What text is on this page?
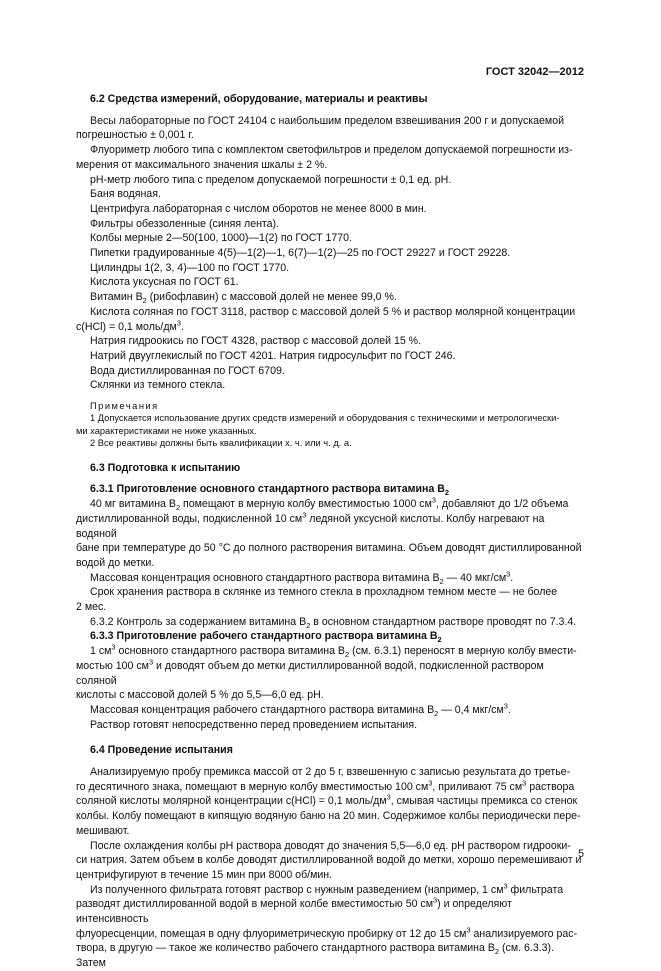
ГОСТ 32042—2012
6.2 Средства измерений, оборудование, материалы и реактивы
Весы лабораторные по ГОСТ 24104 с наибольшим пределом взвешивания 200 г и допускаемой
погрешностью ± 0,001 г.
Флуориметр любого типа с комплектом светофильтров и пределом допускаемой погрешности из-
мерения от максимального значения шкалы ± 2 %.
pH-метр любого типа с пределом допускаемой погрешности ± 0,1 ед. pH.
Баня водяная.
Центрифуга лабораторная с числом оборотов не менее 8000 в мин.
Фильтры обеззоленные (синяя лента).
Колбы мерные 2—50(100, 1000)—1(2) по ГОСТ 1770.
Пипетки градуированные 4(5)—1(2)—1, 6(7)—1(2)—25 по ГОСТ 29227 и ГОСТ 29228.
Цилиндры 1(2, 3, 4)—100 по ГОСТ 1770.
Кислота уксусная по ГОСТ 61.
Витамин $B_2$ (рибофлавин) с массовой долей не менее 99,0 %.
Кислота соляная по ГОСТ 3118, раствор с массовой долей 5 % и раствор молярной концентрации
c(HCl) = 0,1 моль/$дм^3$.
Натрия гидроокись по ГОСТ 4328, раствор с массовой долей 15 %.
Натрий двууглекислый по ГОСТ 4201. Натрия гидросульфит по ГОСТ 246.
Вода дистиллированная по ГОСТ 6709.
Склянки из темного стекла.
Примечания
1 Допускается использование других средств измерений и оборудования с техническими и метрологически-
ми характеристиками не ниже указанных.
2 Все реактивы должны быть квалификации х. ч. или ч. д. а.
6.3 Подготовка к испытанию
6.3.1 Приготовление основного стандартного раствора витамина $B_2$
40 мг витамина $B_2$ помещают в мерную колбу вместимостью 1000 $см^3$, добавляют до 1/2 объема
дистиллированной воды, подкисленной 10 $см^3$ ледяной уксусной кислоты. Колбу нагревают на водяной
бане при температуре до 50 °С до полного растворения витамина. Объем доводят дистиллированной
водой до метки.
Массовая концентрация основного стандартного раствора витамина $B_2$ — 40 мкг/$см^3$.
Срок хранения раствора в склянке из темного стекла в прохладном темном месте — не более
2 мес.
6.3.2 Контроль за содержанием витамина $B_2$ в основном стандартном растворе проводят по 7.3.4.
6.3.3 Приготовление рабочего стандартного раствора витамина $B_2$
1 $см^3$ основного стандартного раствора витамина $B_2$ (см. 6.3.1) переносят в мерную колбу вмести-
мостью 100 $см^3$ и доводят объем до метки дистиллированной водой, подкисленной раствором соляной
кислоты с массовой долей 5 % до 5,5—6,0 ед. pH.
Массовая концентрация рабочего стандартного раствора витамина $B_2$ — 0,4 мкг/$см^3$.
Раствор готовят непосредственно перед проведением испытания.
6.4 Проведение испытания
Анализируемую пробу премикса массой от 2 до 5 г, взвешенную с записью результата до третье-
го десятичного знака, помещают в мерную колбу вместимостью 100 $см^3$, приливают 75 $см^3$ раствора
соляной кислоты молярной концентрации c(HCl) = 0,1 моль/$дм^3$, смывая частицы премикса со стенок
колбы. Колбу помещают в кипящую водяную баню на 20 мин. Содержимое колбы периодически пере-
мешивают.
После охлаждения колбы pH раствора доводят до значения 5,5—6,0 ед. pH раствором гидрооки-
си натрия. Затем объем в колбе доводят дистиллированной водой до метки, хорошо перемешивают и
центрифугируют в течение 15 мин при 8000 об/мин.
Из полученного фильтрата готовят раствор с нужным разведением (например, 1 $см^3$ фильтрата
разводят дистиллированной водой в мерной колбе вместимостью 50 $см^3$) и определяют интенсивность
флуоресценции, помещая в одну флуориметрическую пробирку от 12 до 15 $см^3$ анализируемого рас-
твора, в другую — такое же количество рабочего стандартного раствора витамина $B_2$ (см. 6.3.3). Затем
5
